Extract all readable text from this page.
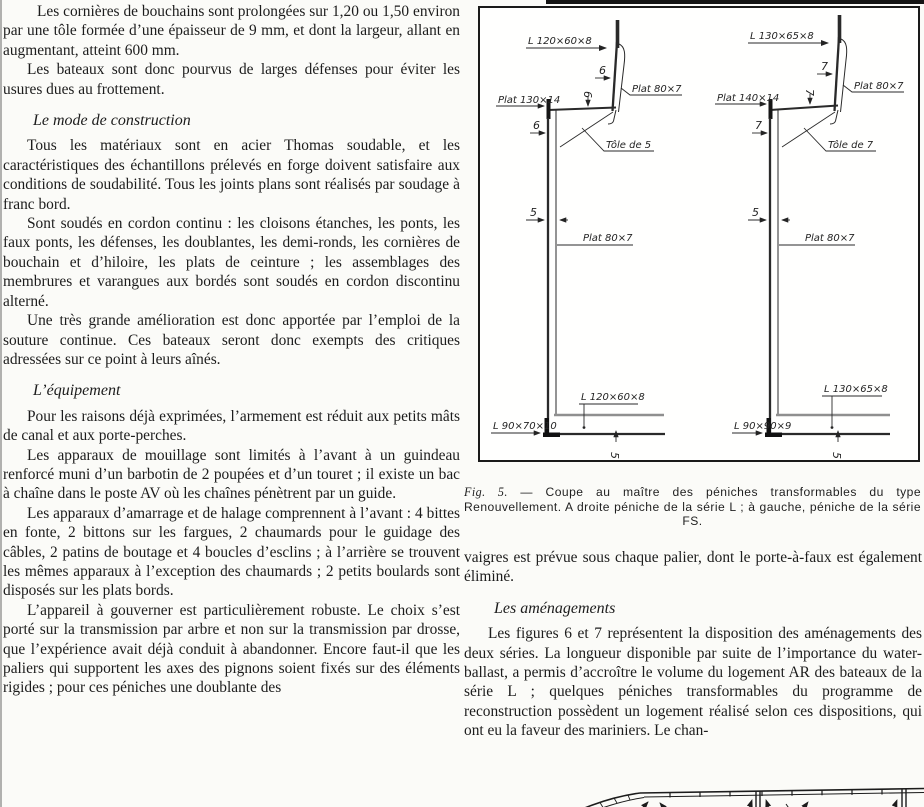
Les cornières de bouchains sont prolongées sur 1,20 ou 1,50 environ par une tôle formée d’une épaisseur de 9 mm, et dont la largeur, allant en augmentant, atteint 600 mm.

Les bateaux sont donc pourvus de larges défenses pour éviter les usures dues au frottement.

Le mode de construction

Tous les matériaux sont en acier Thomas soudable, et les caractéristiques des échantillons prélevés en forge doivent satisfaire aux conditions de soudabilité. Tous les joints plans sont réalisés par soudage à franc bord.

Sont soudés en cordon continu : les cloisons étanches, les ponts, les faux ponts, les défenses, les doublantes, les demi-ronds, les cornières de bouchain et d’hiloire, les plats de ceinture ; les assemblages des membrures et varangues aux bordés sont soudés en cordon discontinu alterné.

Une très grande amélioration est donc apportée par l’emploi de la souture continue. Ces bateaux seront donc exempts des critiques adressées sur ce point à leurs aînés.

L’équipement

Pour les raisons déjà exprimées, l’armement est réduit aux petits mâts de canal et aux porte-perches.

Les apparaux de mouillage sont limités à l’avant à un guindeau renforcé muni d’un barbotin de 2 poupées et d’un touret ; il existe un bac à chaîne dans le poste AV où les chaînes pénètrent par un guide.

Les apparaux d’amarrage et de halage comprennent à l’avant : 4 bittes en fonte, 2 bittons sur les fargues, 2 chaumards pour le guidage des câbles, 2 patins de boutage et 4 boucles d’esclins ; à l’arrière se trouvent les mêmes apparaux à l’exception des chaumards ; 2 petits boulards sont disposés sur les plats bords.

L’appareil à gouverner est particulièrement robuste. Le choix s’est porté sur la transmission par arbre et non sur la transmission par drosse, que l’expérience avait déjà conduit à abandonner. Encore faut-il que les paliers qui supportent les axes des pignons soient fixés sur des éléments rigides ; pour ces péniches une doublante des

L 120×60×8
6
Plat 80×7
6
Plat 130×14
6
Tôle de 5
5
Plat 80×7
L 120×60×8
L 90×70×10
5
L 130×65×8
7
Plat 80×7
7
Plat 140×14
7
Tôle de 7
5
Plat 80×7
L 130×65×8
L 90×90×9
5
Fig. 5. — Coupe au maître des péniches transformables du type Renouvellement. A droite péniche de la série L ; à gauche, péniche de la série FS.

vaigres est prévue sous chaque palier, dont le porte-à-faux est également éliminé.

Les aménagements

Les figures 6 et 7 représentent la disposition des aménagements des deux séries. La longueur disponible par suite de l’importance du water-ballast, a permis d’accroître le volume du logement AR des bateaux de la série L ; quelques péniches transformables du programme de reconstruction possèdent un logement réalisé selon ces dispositions, qui ont eu la faveur des mariniers. Le chan-
